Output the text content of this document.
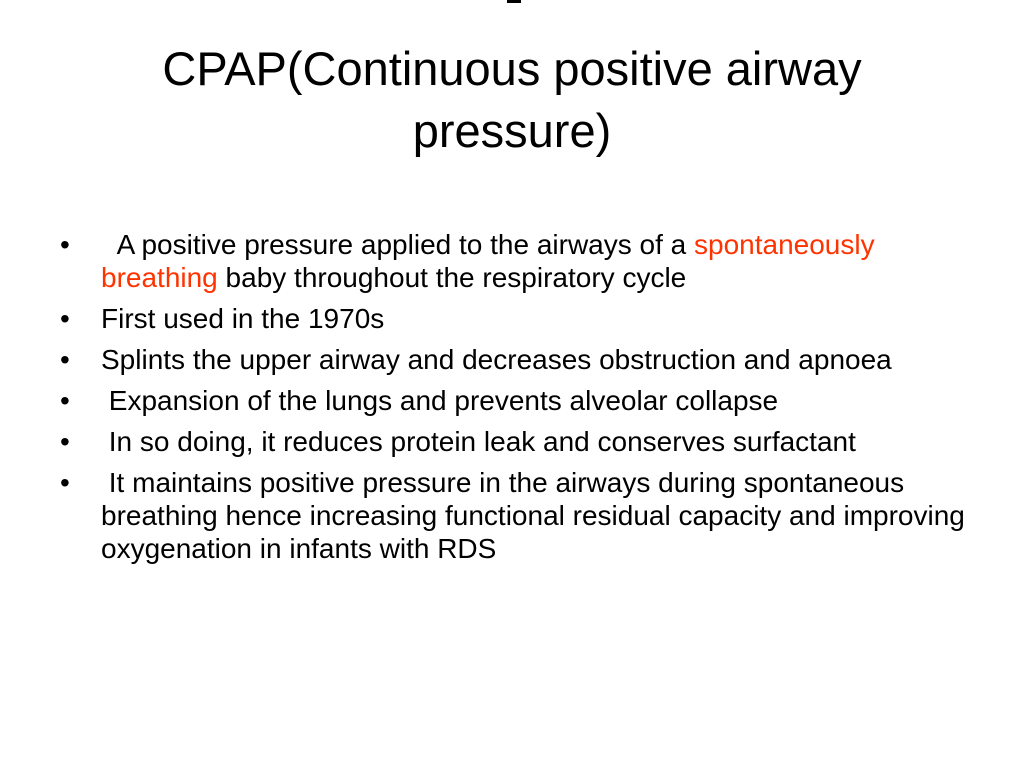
CPAP(Continuous positive airway pressure)
•	A positive pressure applied to the airways of a spontaneously breathing baby throughout the respiratory cycle
•	First used in the 1970s
•	Splints the upper airway and decreases obstruction and apnoea
•	Expansion of the lungs and prevents alveolar collapse
•	In so doing, it reduces protein leak and conserves surfactant
•	It maintains positive pressure in the airways during spontaneous breathing hence increasing functional residual capacity and improving oxygenation in infants with RDS
